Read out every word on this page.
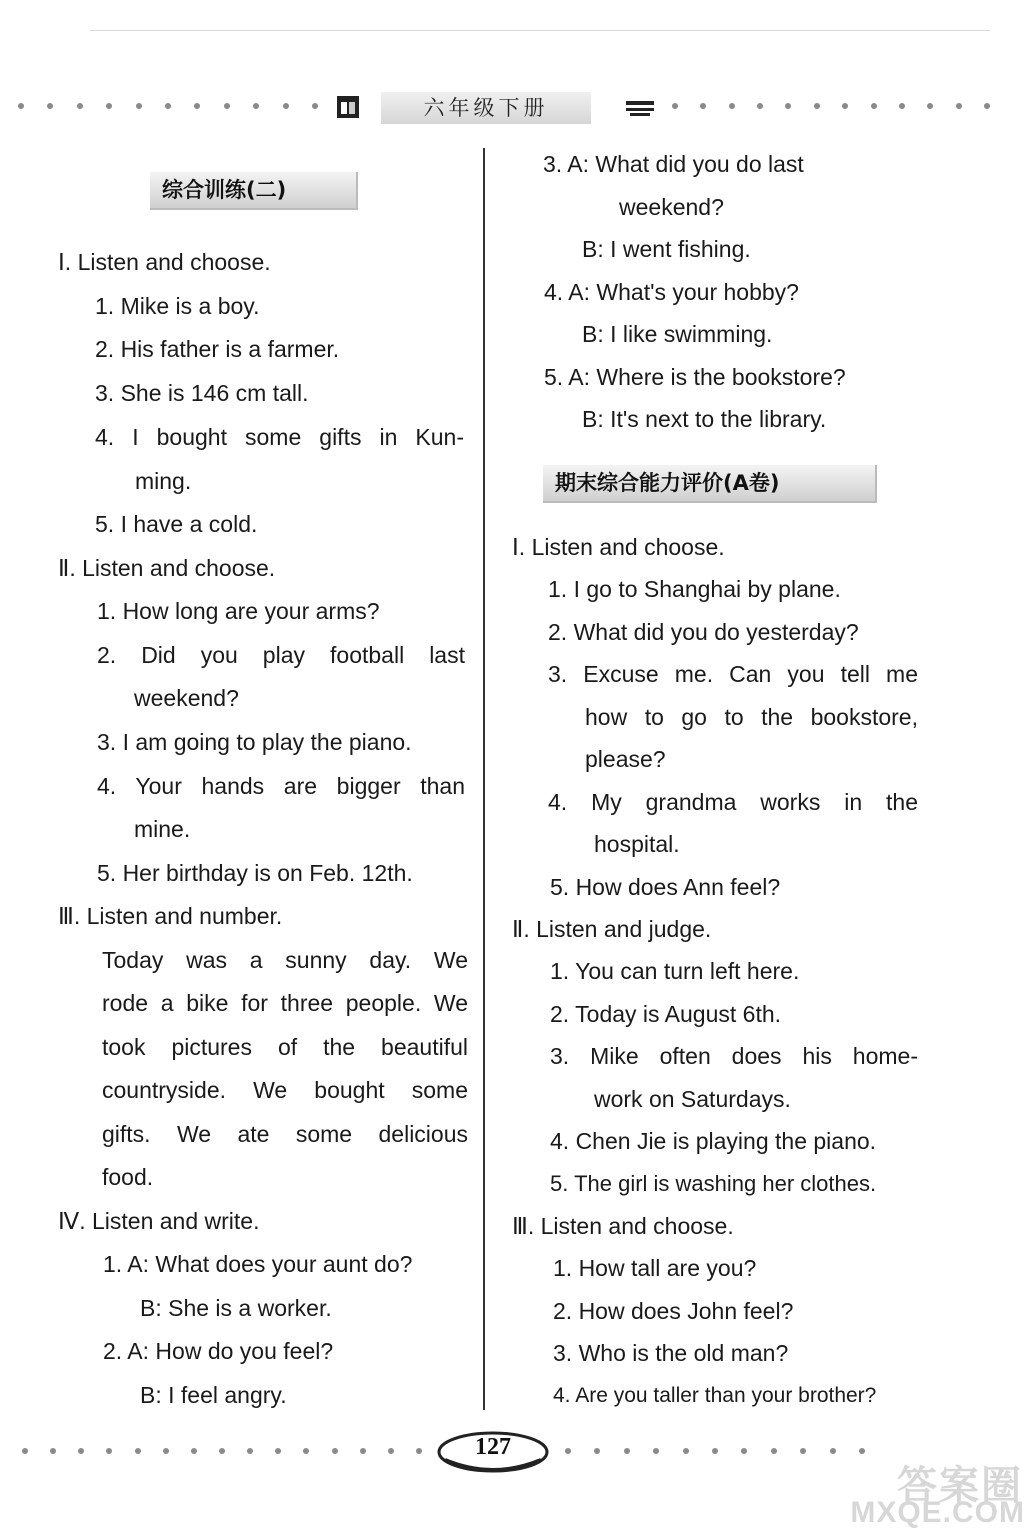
六年级下册
综合训练(二)
Ⅰ. Listen and choose.
1. Mike is a boy.
2. His father is a farmer.
3. She is 146 cm tall.
4. I bought some gifts in Kun-
ming.
5. I have a cold.
Ⅱ. Listen and choose.
1. How long are your arms?
2. Did you play football last
weekend?
3. I am going to play the piano.
4. Your hands are bigger than
mine.
5. Her birthday is on Feb. 12th.
Ⅲ. Listen and number.
Today was a sunny day. We
rode a bike for three people. We
took pictures of the beautiful
countryside. We bought some
gifts. We ate some delicious
food.
Ⅳ. Listen and write.
1. A: What does your aunt do?
B: She is a worker.
2. A: How do you feel?
B: I feel angry.
3. A: What did you do last
weekend?
B: I went fishing.
4. A: What's your hobby?
B: I like swimming.
5. A: Where is the bookstore?
B: It's next to the library.
期末综合能力评价(A卷)
Ⅰ. Listen and choose.
1. I go to Shanghai by plane.
2. What did you do yesterday?
3. Excuse me. Can you tell me
how to go to the bookstore,
please?
4. My grandma works in the
hospital.
5. How does Ann feel?
Ⅱ. Listen and judge.
1. You can turn left here.
2. Today is August 6th.
3. Mike often does his home-
work on Saturdays.
4. Chen Jie is playing the piano.
5. The girl is washing her clothes.
Ⅲ. Listen and choose.
1. How tall are you?
2. How does John feel?
3. Who is the old man?
4. Are you taller than your brother?
127
答案圈
MXQE.COM
